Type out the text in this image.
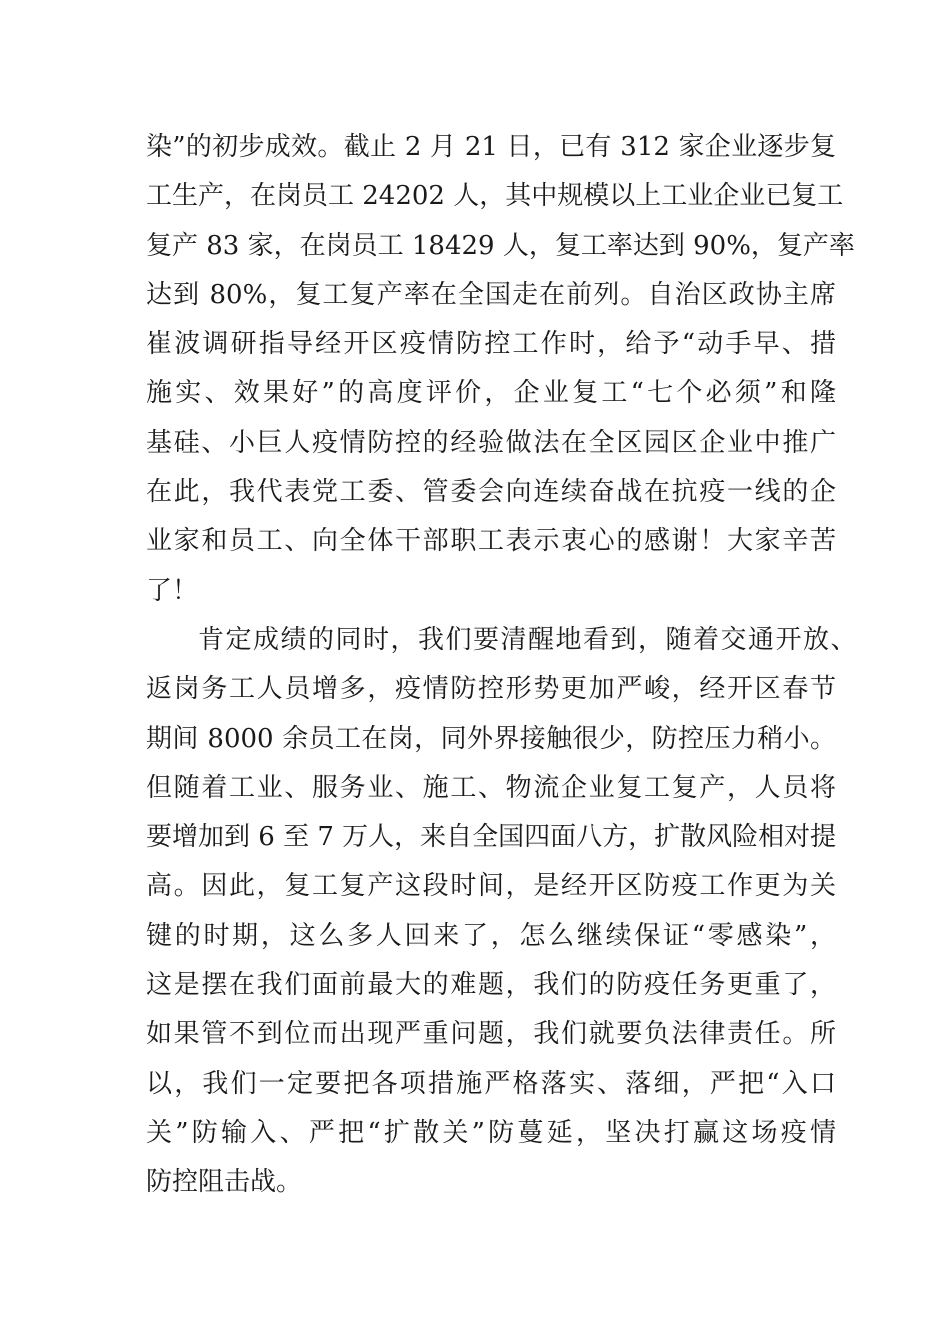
染”的初步成效。截止 2 月 21 日，已有 312 家企业逐步复
工生产，在岗员工 24202 人，其中规模以上工业企业已复工
复产 83 家，在岗员工 18429 人，复工率达到 90%，复产率
达到 80%，复工复产率在全国走在前列。自治区政协主席
崔波调研指导经开区疫情防控工作时，给予“动手早、措
施实、效果好”的高度评价，企业复工“七个必须”和隆
基硅、小巨人疫情防控的经验做法在全区园区企业中推广
在此，我代表党工委、管委会向连续奋战在抗疫一线的企
业家和员工、向全体干部职工表示衷心的感谢！大家辛苦
了！
肯定成绩的同时，我们要清醒地看到，随着交通开放、
返岗务工人员增多，疫情防控形势更加严峻，经开区春节
期间 8000 余员工在岗，同外界接触很少，防控压力稍小。
但随着工业、服务业、施工、物流企业复工复产，人员将
要增加到 6 至 7 万人，来自全国四面八方，扩散风险相对提
高。因此，复工复产这段时间，是经开区防疫工作更为关
键的时期，这么多人回来了，怎么继续保证“零感染”，
这是摆在我们面前最大的难题，我们的防疫任务更重了，
如果管不到位而出现严重问题，我们就要负法律责任。所
以，我们一定要把各项措施严格落实、落细，严把“入口
关”防输入、严把“扩散关”防蔓延，坚决打赢这场疫情
防控阻击战。
